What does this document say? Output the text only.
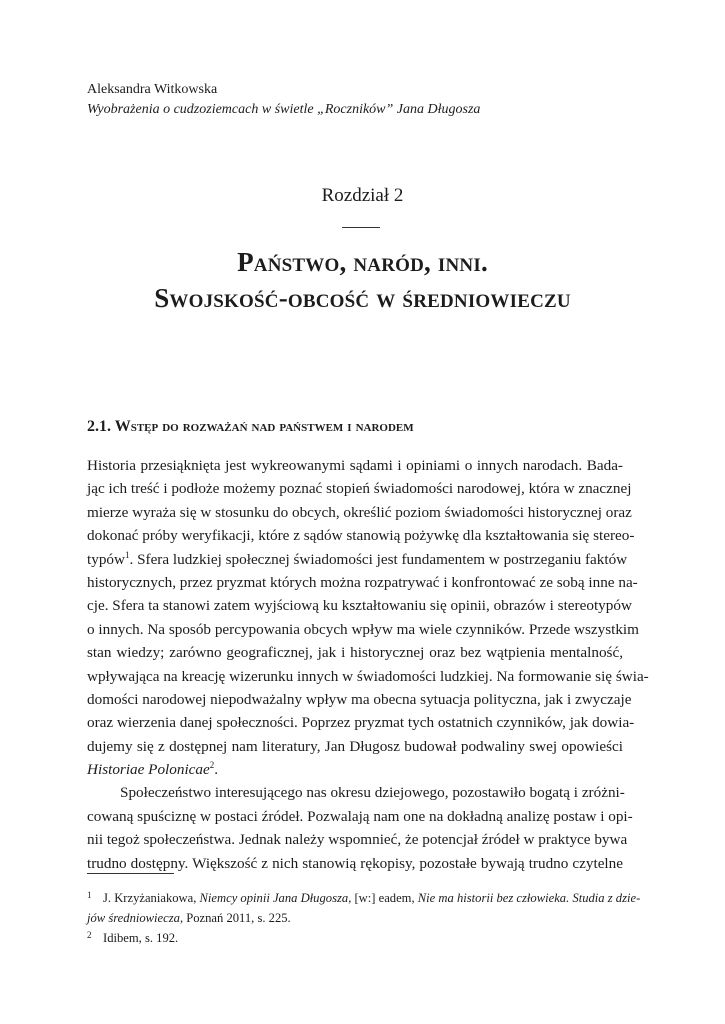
Aleksandra Witkowska
Wyobrażenia o cudzoziemcach w świetle „Roczników” Jana Długosza
Rozdział 2
Państwo, naród, inni.
Swojskość-obcość w średniowieczu
2.1. Wstęp do rozważań nad państwem i narodem
Historia przesiąknięta jest wykreowanymi sądami i opiniami o innych narodach. Bada-
jąc ich treść i podłoże możemy poznać stopień świadomości narodowej, która w znacznej
mierze wyraża się w stosunku do obcych, określić poziom świadomości historycznej oraz
dokonać próby weryfikacji, które z sądów stanowią pożywkę dla kształtowania się stereo-
typów$^1$. Sfera ludzkiej społecznej świadomości jest fundamentem w postrzeganiu faktów
historycznych, przez pryzmat których można rozpatrywać i konfrontować ze sobą inne na-
cje. Sfera ta stanowi zatem wyjściową ku kształtowaniu się opinii, obrazów i stereotypów
o innych. Na sposób percypowania obcych wpływ ma wiele czynników. Przede wszystkim
stan wiedzy; zarówno geograficznej, jak i historycznej oraz bez wątpienia mentalność,
wpływająca na kreację wizerunku innych w świadomości ludzkiej. Na formowanie się świa-
domości narodowej niepodważalny wpływ ma obecna sytuacja polityczna, jak i zwyczaje
oraz wierzenia danej społeczności. Poprzez pryzmat tych ostatnich czynników, jak dowia-
dujemy się z dostępnej nam literatury, Jan Długosz budował podwaliny swej opowieści
Historiae Polonicae$^2$.
Społeczeństwo interesującego nas okresu dziejowego, pozostawiło bogatą i zróżni-
cowaną spuściznę w postaci źródeł. Pozwalają nam one na dokładną analizę postaw i opi-
nii tegoż społeczeństwa. Jednak należy wspomnieć, że potencjał źródeł w praktyce bywa
trudno dostępny. Większość z nich stanowią rękopisy, pozostałe bywają trudno czytelne
1 J. Krzyżaniakowa, Niemcy opinii Jana Długosza, [w:] eadem, Nie ma historii bez człowieka. Studia z dzie-
jów średniowiecza, Poznań 2011, s. 225.
2 Idibem, s. 192.
